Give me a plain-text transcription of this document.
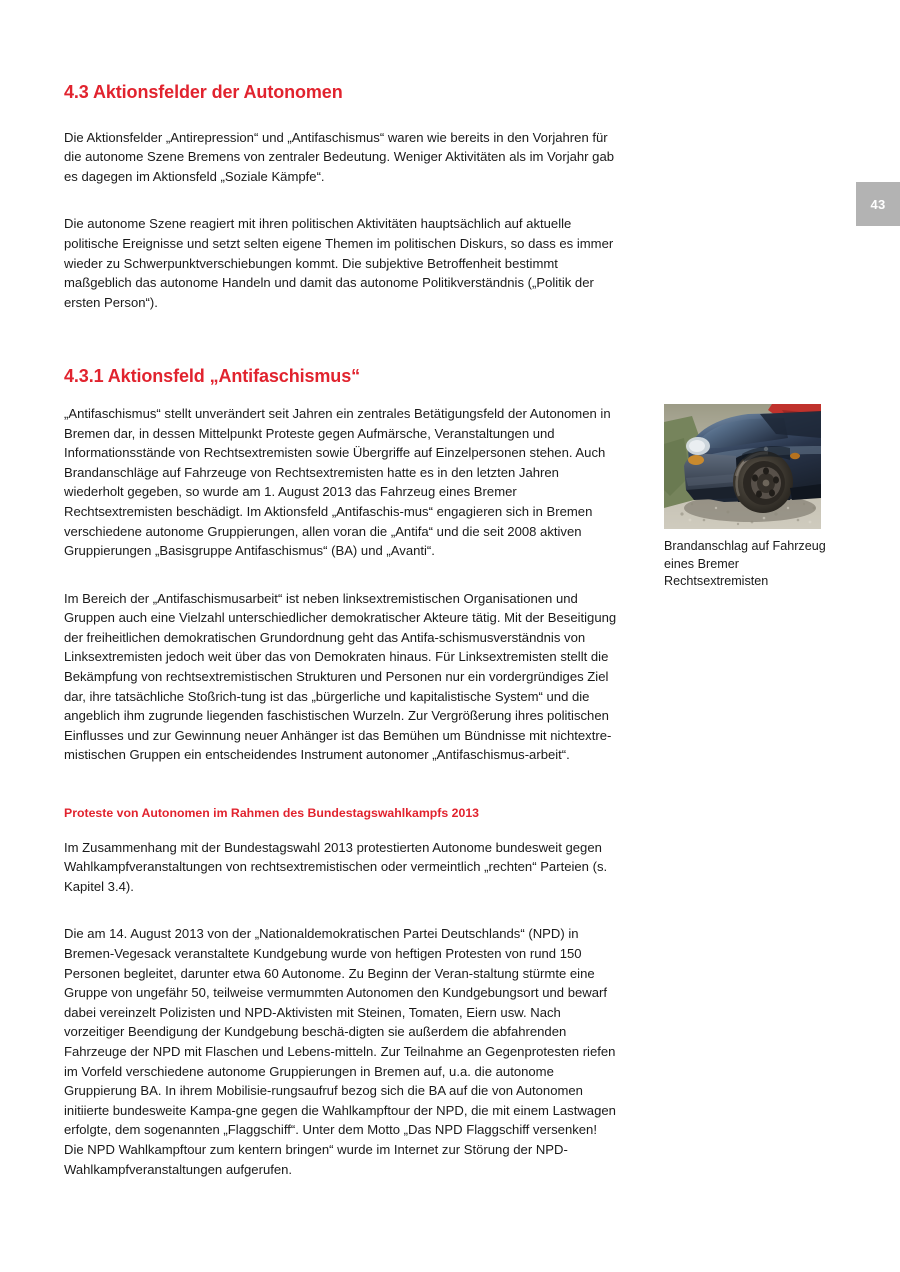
43
Brandanschlag auf Fahrzeug eines Bremer Rechtsextremisten
4.3 Aktionsfelder der Autonomen

Die Aktionsfelder „Antirepression“ und „Antifaschismus“ waren wie bereits in den Vorjahren für die autonome Szene Bremens von zentraler Bedeutung. Weniger Aktivitäten als im Vorjahr gab es dagegen im Aktionsfeld „Soziale Kämpfe“.

Die autonome Szene reagiert mit ihren politischen Aktivitäten hauptsächlich auf aktuelle politische Ereignisse und setzt selten eigene Themen im politischen Diskurs, so dass es immer wieder zu Schwerpunktverschiebungen kommt. Die subjektive Betroffenheit bestimmt maßgeblich das autonome Handeln und damit das autonome Politikverständnis („Politik der ersten Person“).

4.3.1 Aktionsfeld „Antifaschismus“

„Antifaschismus“ stellt unverändert seit Jahren ein zentrales Betätigungsfeld der Autonomen in Bremen dar, in dessen Mittelpunkt Proteste gegen Aufmärsche, Veranstaltungen und Informationsstände von Rechtsextremisten sowie Übergriffe auf Einzelpersonen stehen. Auch Brandanschläge auf Fahrzeuge von Rechtsextremisten hatte es in den letzten Jahren wiederholt gegeben, so wurde am 1. August 2013 das Fahrzeug eines Bremer Rechtsextremisten beschädigt. Im Aktionsfeld „Antifaschis-mus“ engagieren sich in Bremen verschiedene autonome Gruppierungen, allen voran die „Antifa“ und die seit 2008 aktiven Gruppierungen „Basisgruppe Antifaschismus“ (BA) und „Avanti“.

Im Bereich der „Antifaschismusarbeit“ ist neben linksextremistischen Organisationen und Gruppen auch eine Vielzahl unterschiedlicher demokratischer Akteure tätig. Mit der Beseitigung der freiheitlichen demokratischen Grundordnung geht das Antifa-schismusverständnis von Linksextremisten jedoch weit über das von Demokraten hinaus. Für Linksextremisten stellt die Bekämpfung von rechtsextremistischen Strukturen und Personen nur ein vordergründiges Ziel dar, ihre tatsächliche Stoßrich-tung ist das „bürgerliche und kapitalistische System“ und die angeblich ihm zugrunde liegenden faschistischen Wurzeln. Zur Vergrößerung ihres politischen Einflusses und zur Gewinnung neuer Anhänger ist das Bemühen um Bündnisse mit nichtextre-mistischen Gruppen ein entscheidendes Instrument autonomer „Antifaschismus-arbeit“.

Proteste von Autonomen im Rahmen des Bundestagswahlkampfs 2013

Im Zusammenhang mit der Bundestagswahl 2013 protestierten Autonome bundesweit gegen Wahlkampfveranstaltungen von rechtsextremistischen oder vermeintlich „rechten“ Parteien (s. Kapitel 3.4).

Die am 14. August 2013 von der „Nationaldemokratischen Partei Deutschlands“ (NPD) in Bremen-Vegesack veranstaltete Kundgebung wurde von heftigen Protesten von rund 150 Personen begleitet, darunter etwa 60 Autonome. Zu Beginn der Veran-staltung stürmte eine Gruppe von ungefähr 50, teilweise vermummten Autonomen den Kundgebungsort und bewarf dabei vereinzelt Polizisten und NPD-Aktivisten mit Steinen, Tomaten, Eiern usw. Nach vorzeitiger Beendigung der Kundgebung beschä-digten sie außerdem die abfahrenden Fahrzeuge der NPD mit Flaschen und Lebens-mitteln. Zur Teilnahme an Gegenprotesten riefen im Vorfeld verschiedene autonome Gruppierungen in Bremen auf, u.a. die autonome Gruppierung BA. In ihrem Mobilisie-rungsaufruf bezog sich die BA auf die von Autonomen initiierte bundesweite Kampa-gne gegen die Wahlkampftour der NPD, die mit einem Lastwagen erfolgte, dem sogenannten „Flaggschiff“. Unter dem Motto „Das NPD Flaggschiff versenken! Die NPD Wahlkampftour zum kentern bringen“ wurde im Internet zur Störung der NPD-Wahlkampfveranstaltungen aufgerufen.
